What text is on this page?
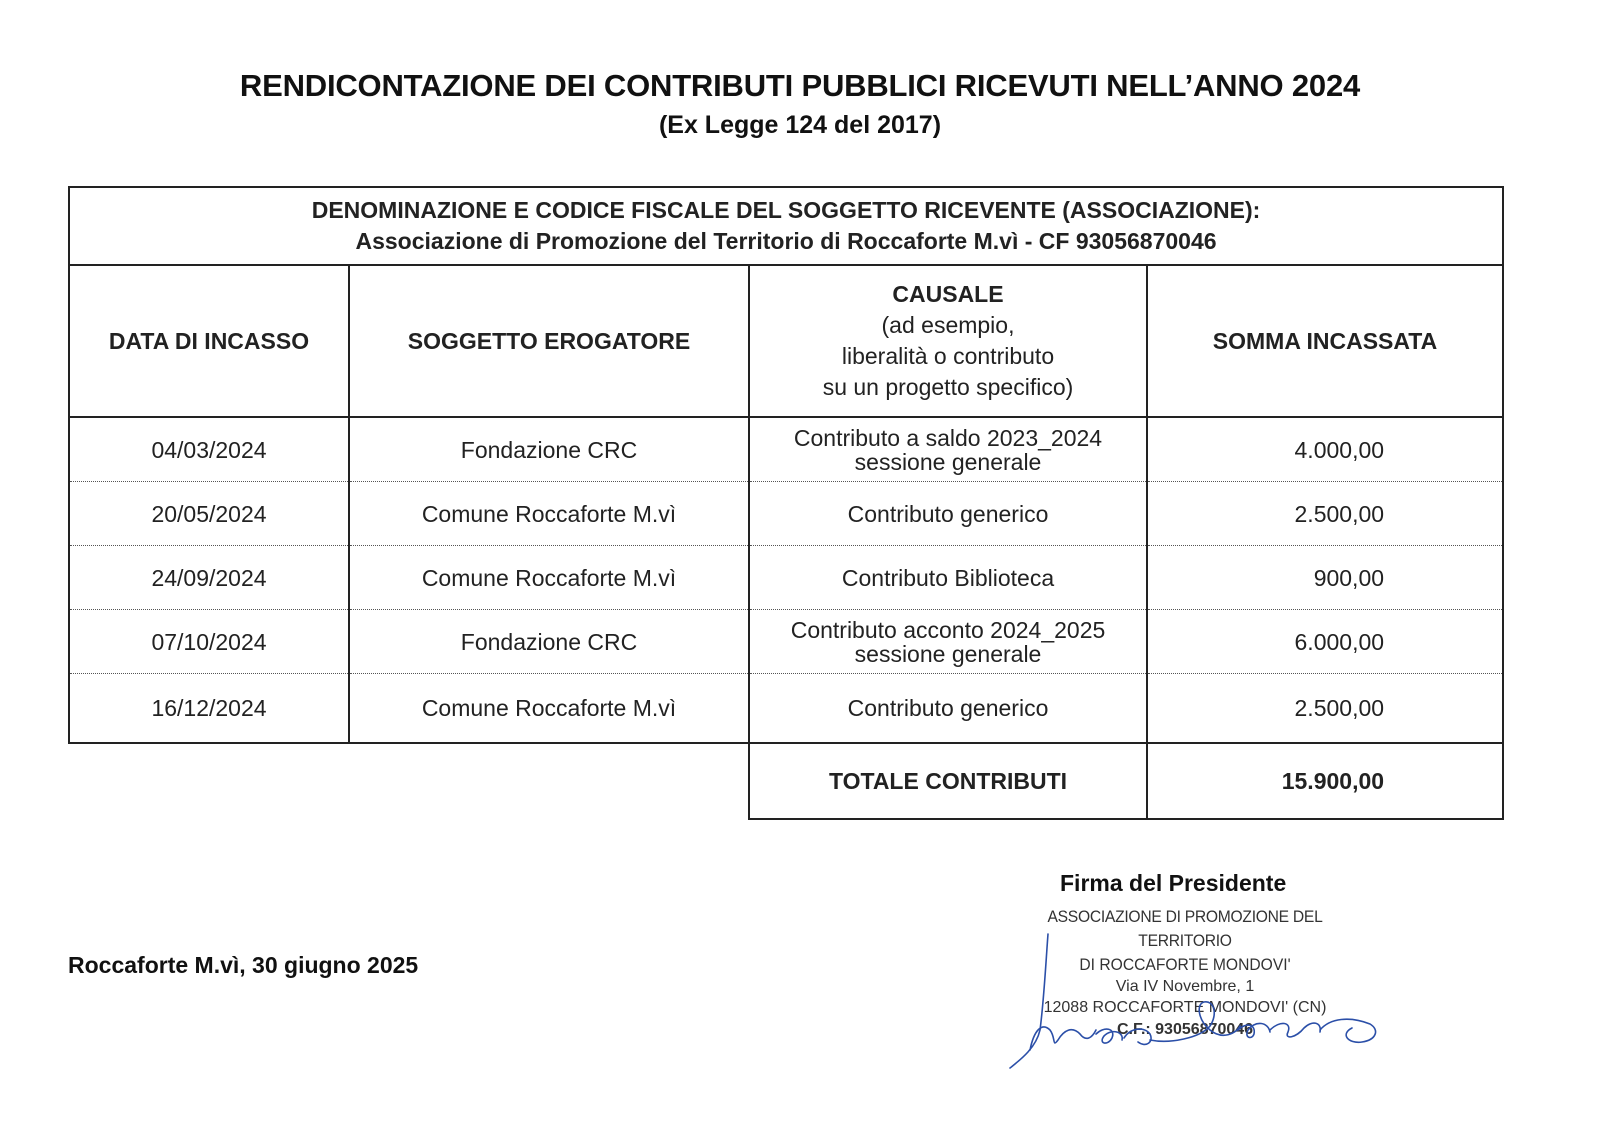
RENDICONTAZIONE DEI CONTRIBUTI PUBBLICI RICEVUTI NELL’ANNO 2024
(Ex Legge 124 del 2017)
DENOMINAZIONE E CODICE FISCALE DEL SOGGETTO RICEVENTE (ASSOCIAZIONE):
Associazione di Promozione del Territorio di Roccaforte M.vì - CF 93056870046			

DATA DI INCASSO	SOGGETTO EROGATORE	CAUSALE
(ad esempio,
liberalità o contributo
su un progetto specifico)	SOMMA INCASSATA
04/03/2024	Fondazione CRC	Contributo a saldo 2023_2024
sessione generale	4.000,00
20/05/2024	Comune Roccaforte M.vì	Contributo generico	2.500,00
24/09/2024	Comune Roccaforte M.vì	Contributo Biblioteca	900,00
07/10/2024	Fondazione CRC	Contributo acconto 2024_2025
sessione generale	6.000,00
16/12/2024	Comune Roccaforte M.vì	Contributo generico	2.500,00
		TOTALE CONTRIBUTI	15.900,00
Roccaforte M.vì, 30 giugno 2025
Firma del Presidente
ASSOCIAZIONE DI PROMOZIONE DEL TERRITORIO
DI ROCCAFORTE MONDOVI'
Via IV Novembre, 1
12088 ROCCAFORTE MONDOVI' (CN)
C.F.: 93056870046
